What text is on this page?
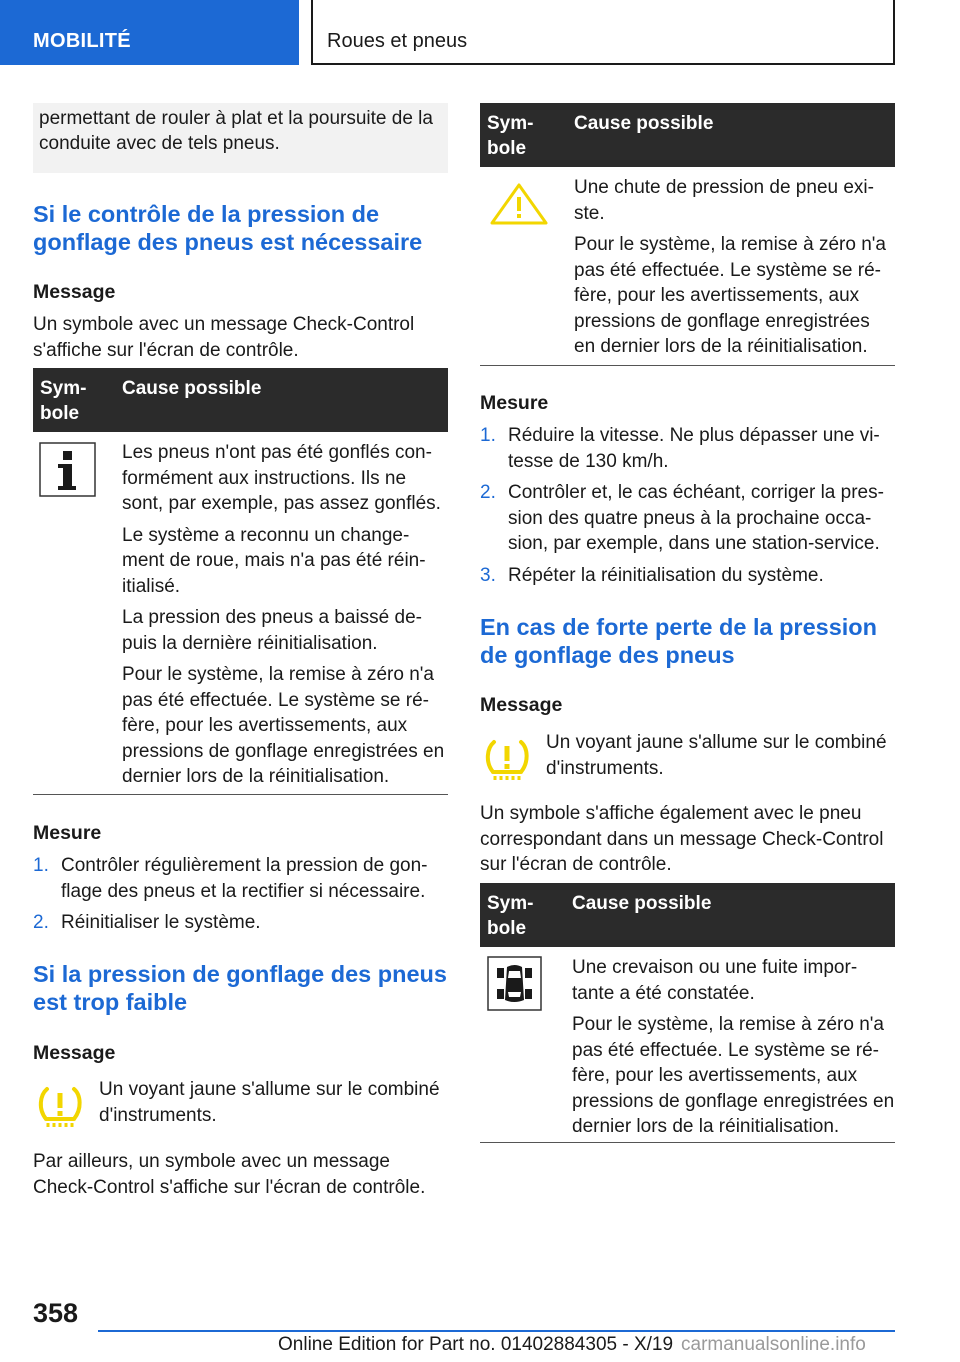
MOBILITÉ	Roues et pneus
permettant de rouler à plat et la poursuite de la conduite avec de tels pneus.
Si le contrôle de la pression de gonflage des pneus est nécessaire
Message
Un symbole avec un message Check-Control s'affiche sur l'écran de contrôle.
Sym‐ bole
Cause possible

Les pneus n'ont pas été gonflés con‐ formément aux instructions. Ils ne sont, par exemple, pas assez gonflés.

Le système a reconnu un change‐ ment de roue, mais n'a pas été réin‐ itialisé.

La pression des pneus a baissé de‐ puis la dernière réinitialisation.

Pour le système, la remise à zéro n'a pas été effectuée. Le système se ré‐ fère, pour les avertissements, aux pressions de gonflage enregistrées en dernier lors de la réinitialisation.

Mesure
1. Contrôler régulièrement la pression de gon‐ flage des pneus et la rectifier si nécessaire.
2. Réinitialiser le système.
Si la pression de gonflage des pneus est trop faible
Message
Un voyant jaune s'allume sur le combiné d'instruments.
Par ailleurs, un symbole avec un message Check-Control s'affiche sur l'écran de contrôle.
Sym‐ bole
Cause possible

Une chute de pression de pneu exi‐ ste.

Pour le système, la remise à zéro n'a pas été effectuée. Le système se ré‐ fère, pour les avertissements, aux pressions de gonflage enregistrées en dernier lors de la réinitialisation.

Mesure
1. Réduire la vitesse. Ne plus dépasser une vi‐ tesse de 130 km/h.
2. Contrôler et, le cas échéant, corriger la pres‐ sion des quatre pneus à la prochaine occa‐ sion, par exemple, dans une station-service.
3. Répéter la réinitialisation du système.
En cas de forte perte de la pression de gonflage des pneus
Message
Un voyant jaune s'allume sur le combiné d'instruments.
Un symbole s'affiche également avec le pneu correspondant dans un message Check-Control sur l'écran de contrôle.
Sym‐ bole
Cause possible

Une crevaison ou une fuite impor‐ tante a été constatée.

Pour le système, la remise à zéro n'a pas été effectuée. Le système se ré‐ fère, pour les avertissements, aux pressions de gonflage enregistrées en dernier lors de la réinitialisation.

358
Online Edition for Part no. 01402884305 - X/19 carmanualsonline.info
